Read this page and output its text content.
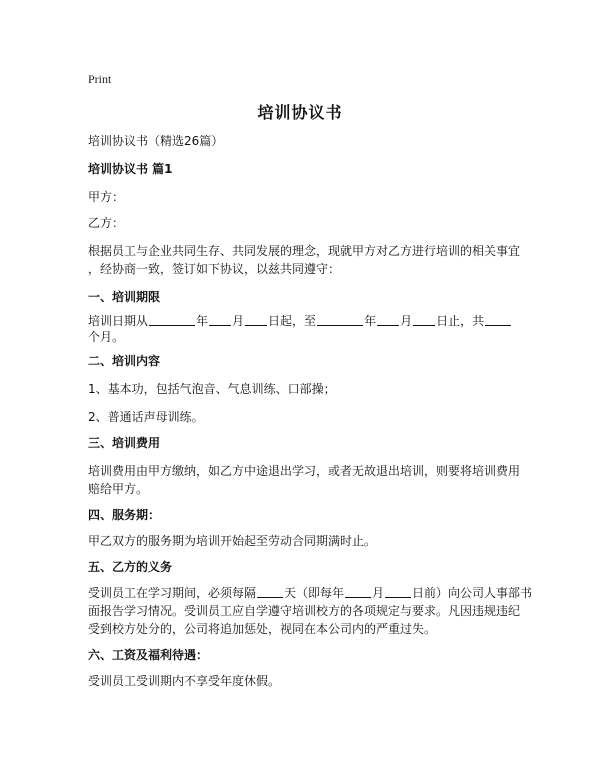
Print
培训协议书
培训协议书（精选26篇）
培训协议书 篇1
甲方：
乙方：
根据员工与企业共同生存、共同发展的理念，现就甲方对乙方进行培训的相关事宜
，经协商一致，签订如下协议，以兹共同遵守：
一、培训期限
培训日期从	年 月 日起，至	年 月 日止，共
个月。
二、培训内容
1、基本功，包括气泡音、气息训练、口部操；
2、普通话声母训练。
三、培训费用
培训费用由甲方缴纳，如乙方中途退出学习，或者无故退出培训，则要将培训费用
赔给甲方。
四、服务期：
甲乙双方的服务期为培训开始起至劳动合同期满时止。
五、乙方的义务
受训员工在学习期间，必须每隔 天（即每年 月 日前）向公司人事部书
面报告学习情况。受训员工应自学遵守培训校方的各项规定与要求。凡因违规违纪
受到校方处分的，公司将追加惩处，视同在本公司内的严重过失。
六、工资及福利待遇：
受训员工受训期内不享受年度休假。
